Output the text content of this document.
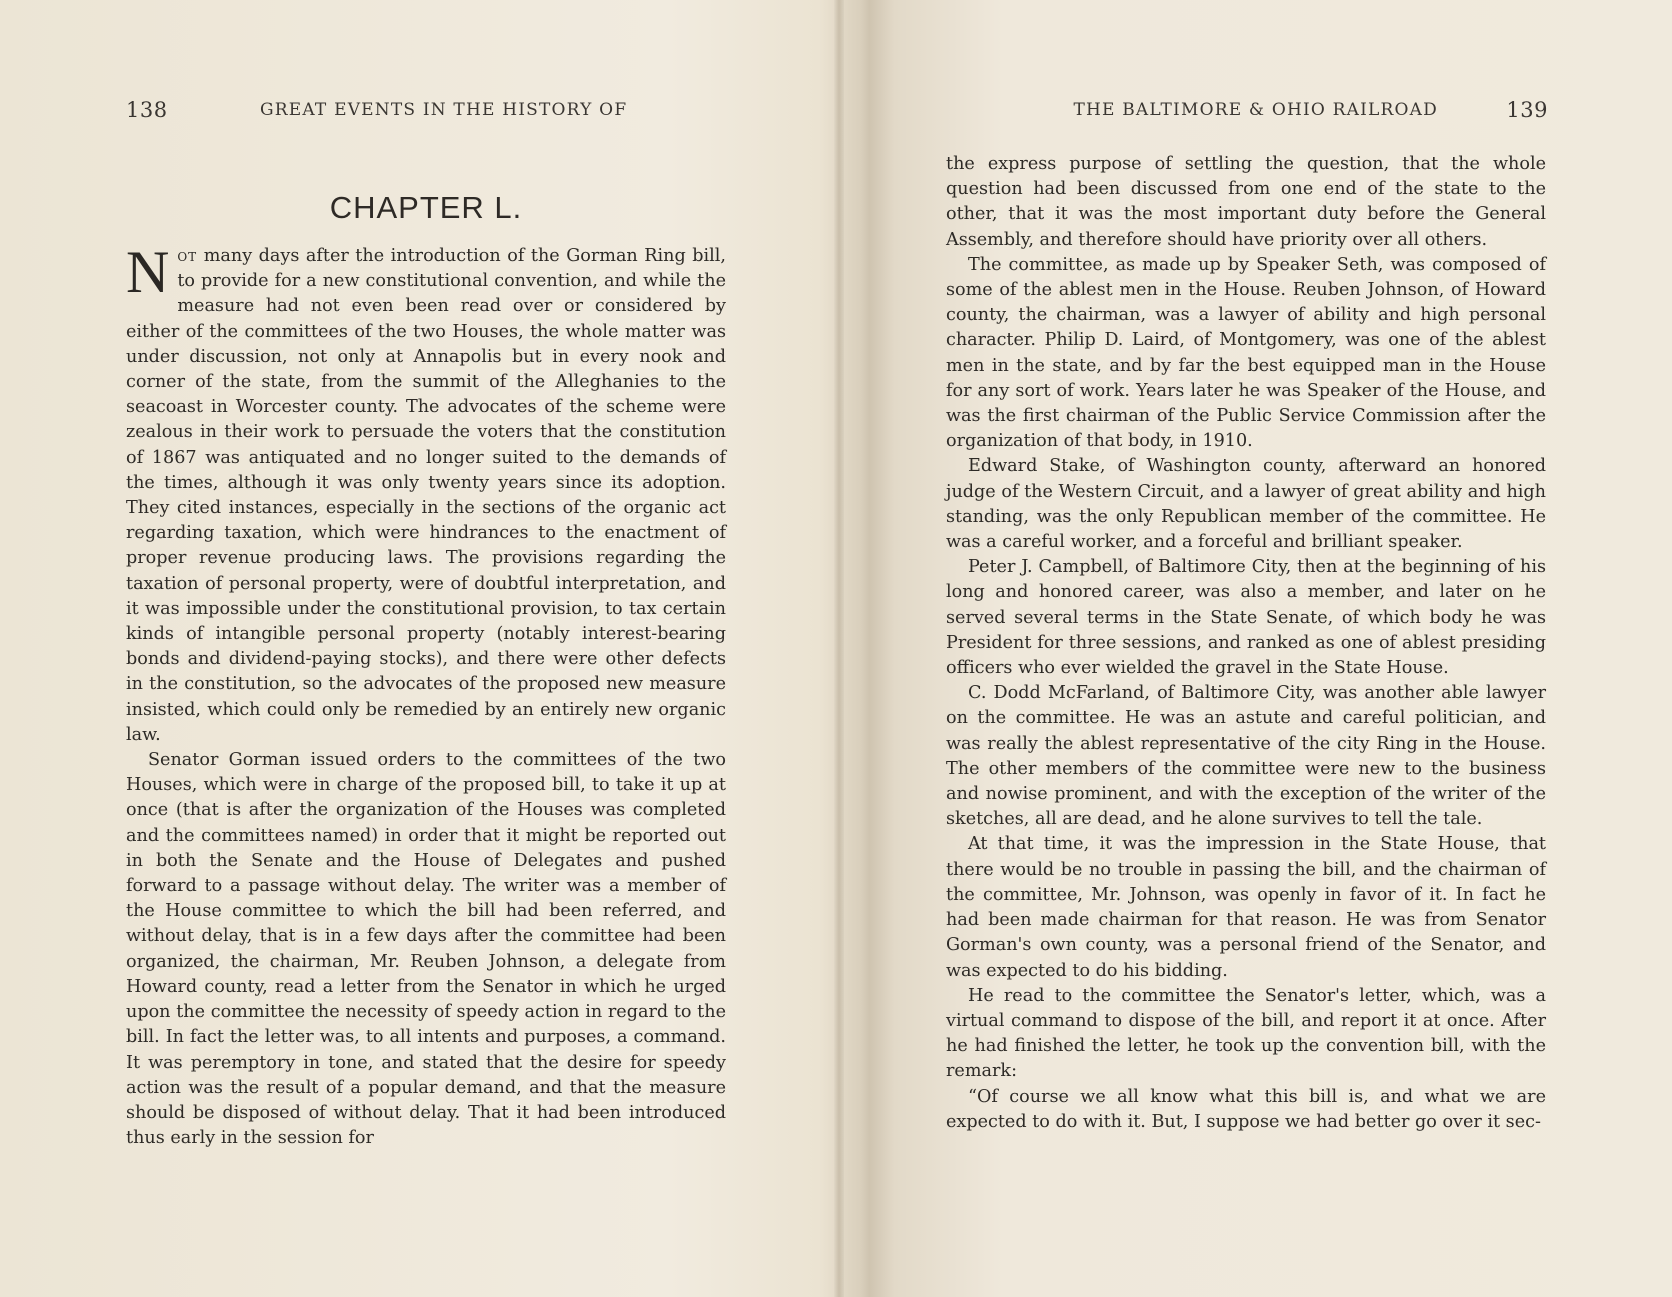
138	GREAT EVENTS IN THE HISTORY OF
CHAPTER L.

Not many days after the introduction of the Gorman Ring bill, to provide for a new constitutional convention, and while the measure had not even been read over or considered by either of the committees of the two Houses, the whole matter was under discussion, not only at Annapolis but in every nook and corner of the state, from the summit of the Alleghanies to the seacoast in Worcester county. The advocates of the scheme were zealous in their work to persuade the voters that the constitution of 1867 was antiquated and no longer suited to the demands of the times, although it was only twenty years since its adoption. They cited instances, especially in the sections of the organic act regarding taxation, which were hindrances to the enactment of proper revenue producing laws. The provisions regarding the taxation of personal property, were of doubtful interpretation, and it was impossible under the constitutional provision, to tax certain kinds of intangible personal property (notably interest-bearing bonds and dividend-paying stocks), and there were other defects in the constitution, so the advocates of the proposed new measure insisted, which could only be remedied by an entirely new organic law.

Senator Gorman issued orders to the committees of the two Houses, which were in charge of the proposed bill, to take it up at once (that is after the organization of the Houses was completed and the committees named) in order that it might be reported out in both the Senate and the House of Delegates and pushed forward to a passage without delay. The writer was a member of the House committee to which the bill had been referred, and without delay, that is in a few days after the committee had been organized, the chairman, Mr. Reuben Johnson, a delegate from Howard county, read a letter from the Senator in which he urged upon the committee the necessity of speedy action in regard to the bill. In fact the letter was, to all intents and purposes, a command. It was peremptory in tone, and stated that the desire for speedy action was the result of a popular demand, and that the measure should be disposed of without delay. That it had been introduced thus early in the session for

THE BALTIMORE & OHIO RAILROAD	139

the express purpose of settling the question, that the whole question had been discussed from one end of the state to the other, that it was the most important duty before the General Assembly, and therefore should have priority over all others.

The committee, as made up by Speaker Seth, was composed of some of the ablest men in the House. Reuben Johnson, of Howard county, the chairman, was a lawyer of ability and high personal character. Philip D. Laird, of Montgomery, was one of the ablest men in the state, and by far the best equipped man in the House for any sort of work. Years later he was Speaker of the House, and was the first chairman of the Public Service Commission after the organization of that body, in 1910.

Edward Stake, of Washington county, afterward an honored judge of the Western Circuit, and a lawyer of great ability and high standing, was the only Republican member of the committee. He was a careful worker, and a forceful and brilliant speaker.

Peter J. Campbell, of Baltimore City, then at the beginning of his long and honored career, was also a member, and later on he served several terms in the State Senate, of which body he was President for three sessions, and ranked as one of ablest presiding officers who ever wielded the gravel in the State House.

C. Dodd McFarland, of Baltimore City, was another able lawyer on the committee. He was an astute and careful politician, and was really the ablest representative of the city Ring in the House. The other members of the committee were new to the business and nowise prominent, and with the exception of the writer of the sketches, all are dead, and he alone survives to tell the tale.

At that time, it was the impression in the State House, that there would be no trouble in passing the bill, and the chairman of the committee, Mr. Johnson, was openly in favor of it. In fact he had been made chairman for that reason. He was from Senator Gorman's own county, was a personal friend of the Senator, and was expected to do his bidding.

He read to the committee the Senator's letter, which, was a virtual command to dispose of the bill, and report it at once. After he had finished the letter, he took up the convention bill, with the remark:

“Of course we all know what this bill is, and what we are expected to do with it. But, I suppose we had better go over it sec-
